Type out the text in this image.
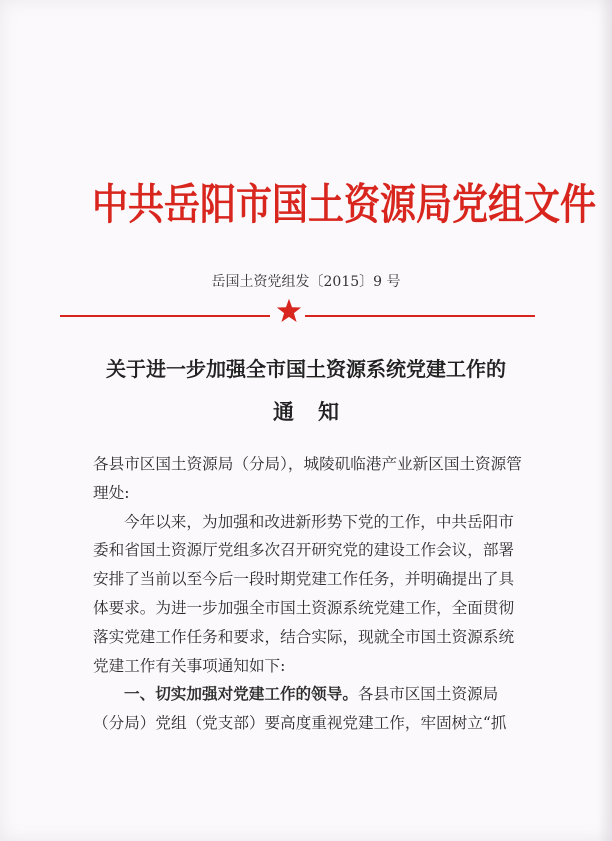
中共岳阳市国土资源局党组文件
岳国土资党组发〔2015〕9 号
关于进一步加强全市国土资源系统党建工作的
通知

各县市区国土资源局（分局），城陵矶临港产业新区国土资源管理处:

今年以来，为加强和改进新形势下党的工作，中共岳阳市委和省国土资源厅党组多次召开研究党的建设工作会议，部署安排了当前以至今后一段时期党建工作任务，并明确提出了具体要求。为进一步加强全市国土资源系统党建工作，全面贯彻落实党建工作任务和要求，结合实际，现就全市国土资源系统党建工作有关事项通知如下:

一、切实加强对党建工作的领导。各县市区国土资源局（分局）党组（党支部）要高度重视党建工作，牢固树立“抓
